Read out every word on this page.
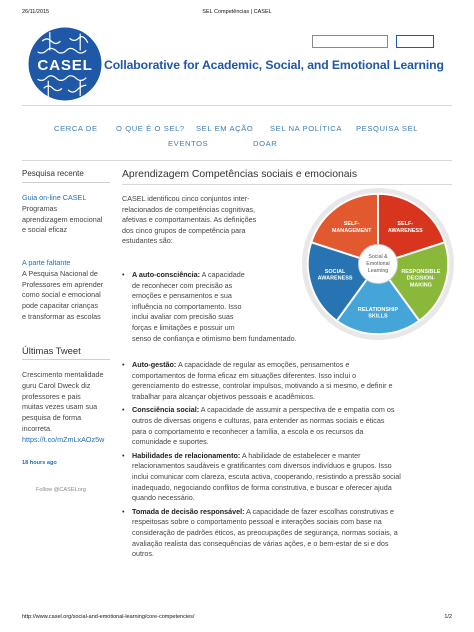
26/11/2015	SEL Competências | CASEL
CASEL Collaborative for Academic, Social, and Emotional Learning
CERCA DE O QUE É O SEL? SEL EM AÇÃO SEL NA POLÍTICA PESQUISA SEL
EVENTOS	DOAR
Pesquisa recente
Guia on-line CASEL
Programas
aprendizagem emocional
e social eficaz
A parte faltante
A Pesquisa Nacional de
Professores em aprender
como social e emocional
pode capacitar crianças
e transformar as escolas
Últimas Tweet
Crescimento mentalidade
guru Carol Dweck diz
professores e pais
muitas vezes usam sua
pesquisa de forma
incorreta.
https://t.co/mZmLxAOz5w
18 hours ago
Follow @CASELorg
Aprendizagem Competências sociais e emocionais
CASEL identificou cinco conjuntos inter-
relacionados de competências cognitivas,
afetivas e comportamentais. As definições
dos cinco grupos de competência para
estudantes são:
Social &
Emotional
Learning
SELF-
MANAGEMENT
SELF-
AWARENESS
RESPONSIBLE
DECISION-
MAKING
RELATIONSHIP
SKILLS
SOCIAL
AWARENESS
• A auto-consciência: A capacidade
de reconhecer com precisão as
emoções e pensamentos e sua
influência no comportamento. Isso
inclui avaliar com precisão suas
forças e limitações e possuir um
senso de confiança e otimismo bem fundamentado.
• Auto-gestão: A capacidade de regular as emoções, pensamentos e
comportamentos de forma eficaz em situações diferentes. Isso inclui o
gerenciamento do estresse, controlar impulsos, motivando a si mesmo, e definir e
trabalhar para alcançar objetivos pessoais e acadêmicos.
• Consciência social: A capacidade de assumir a perspectiva de e empatia com os
outros de diversas origens e culturas, para entender as normas sociais e éticas
para o comportamento e reconhecer a família, a escola e os recursos da
comunidade e suportes.
• Habilidades de relacionamento: A habilidade de estabelecer e manter
relacionamentos saudáveis e gratificantes com diversos indivíduos e grupos. Isso
inclui comunicar com clareza, escuta activa, cooperando, resistindo a pressão social
inadequado, negociando conflitos de forma construtiva, e buscar e oferecer ajuda
quando necessário.
• Tomada de decisão responsável: A capacidade de fazer escolhas construtivas e
respeitosas sobre o comportamento pessoal e interações sociais com base na
consideração de padrões éticos, as preocupações de segurança, normas sociais, a
avaliação realista das consequências de várias ações, e o bem-estar de si e dos
outros.
http://www.casel.org/social-and-emotional-learning/core-competencies/	1/2
